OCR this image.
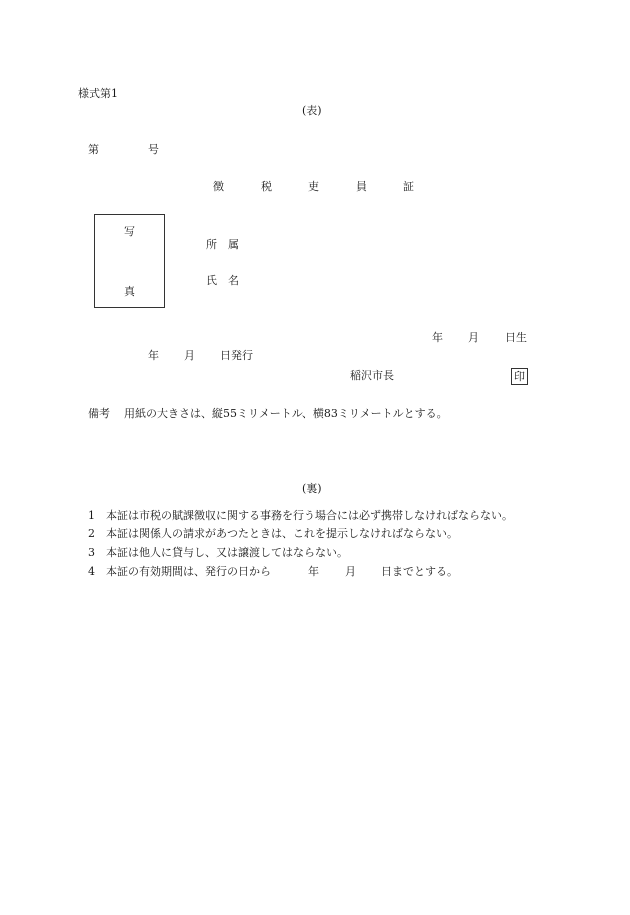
様式第1
(表)
第	号
徴	税	吏	員	証
写
真
所　属
氏　名
年 月 日生
年 月 日発行
稲沢市長	印
備考 用紙の大きさは、縦55ミリメートル、横83ミリメートルとする。
(裏)
1 本証は市税の賦課徴収に関する事務を行う場合には必ず携帯しなければならない。
2 本証は関係人の請求があつたときは、これを提示しなければならない。
3 本証は他人に貸与し、又は譲渡してはならない。
4 本証の有効期間は、発行の日から	年 月 日までとする。
